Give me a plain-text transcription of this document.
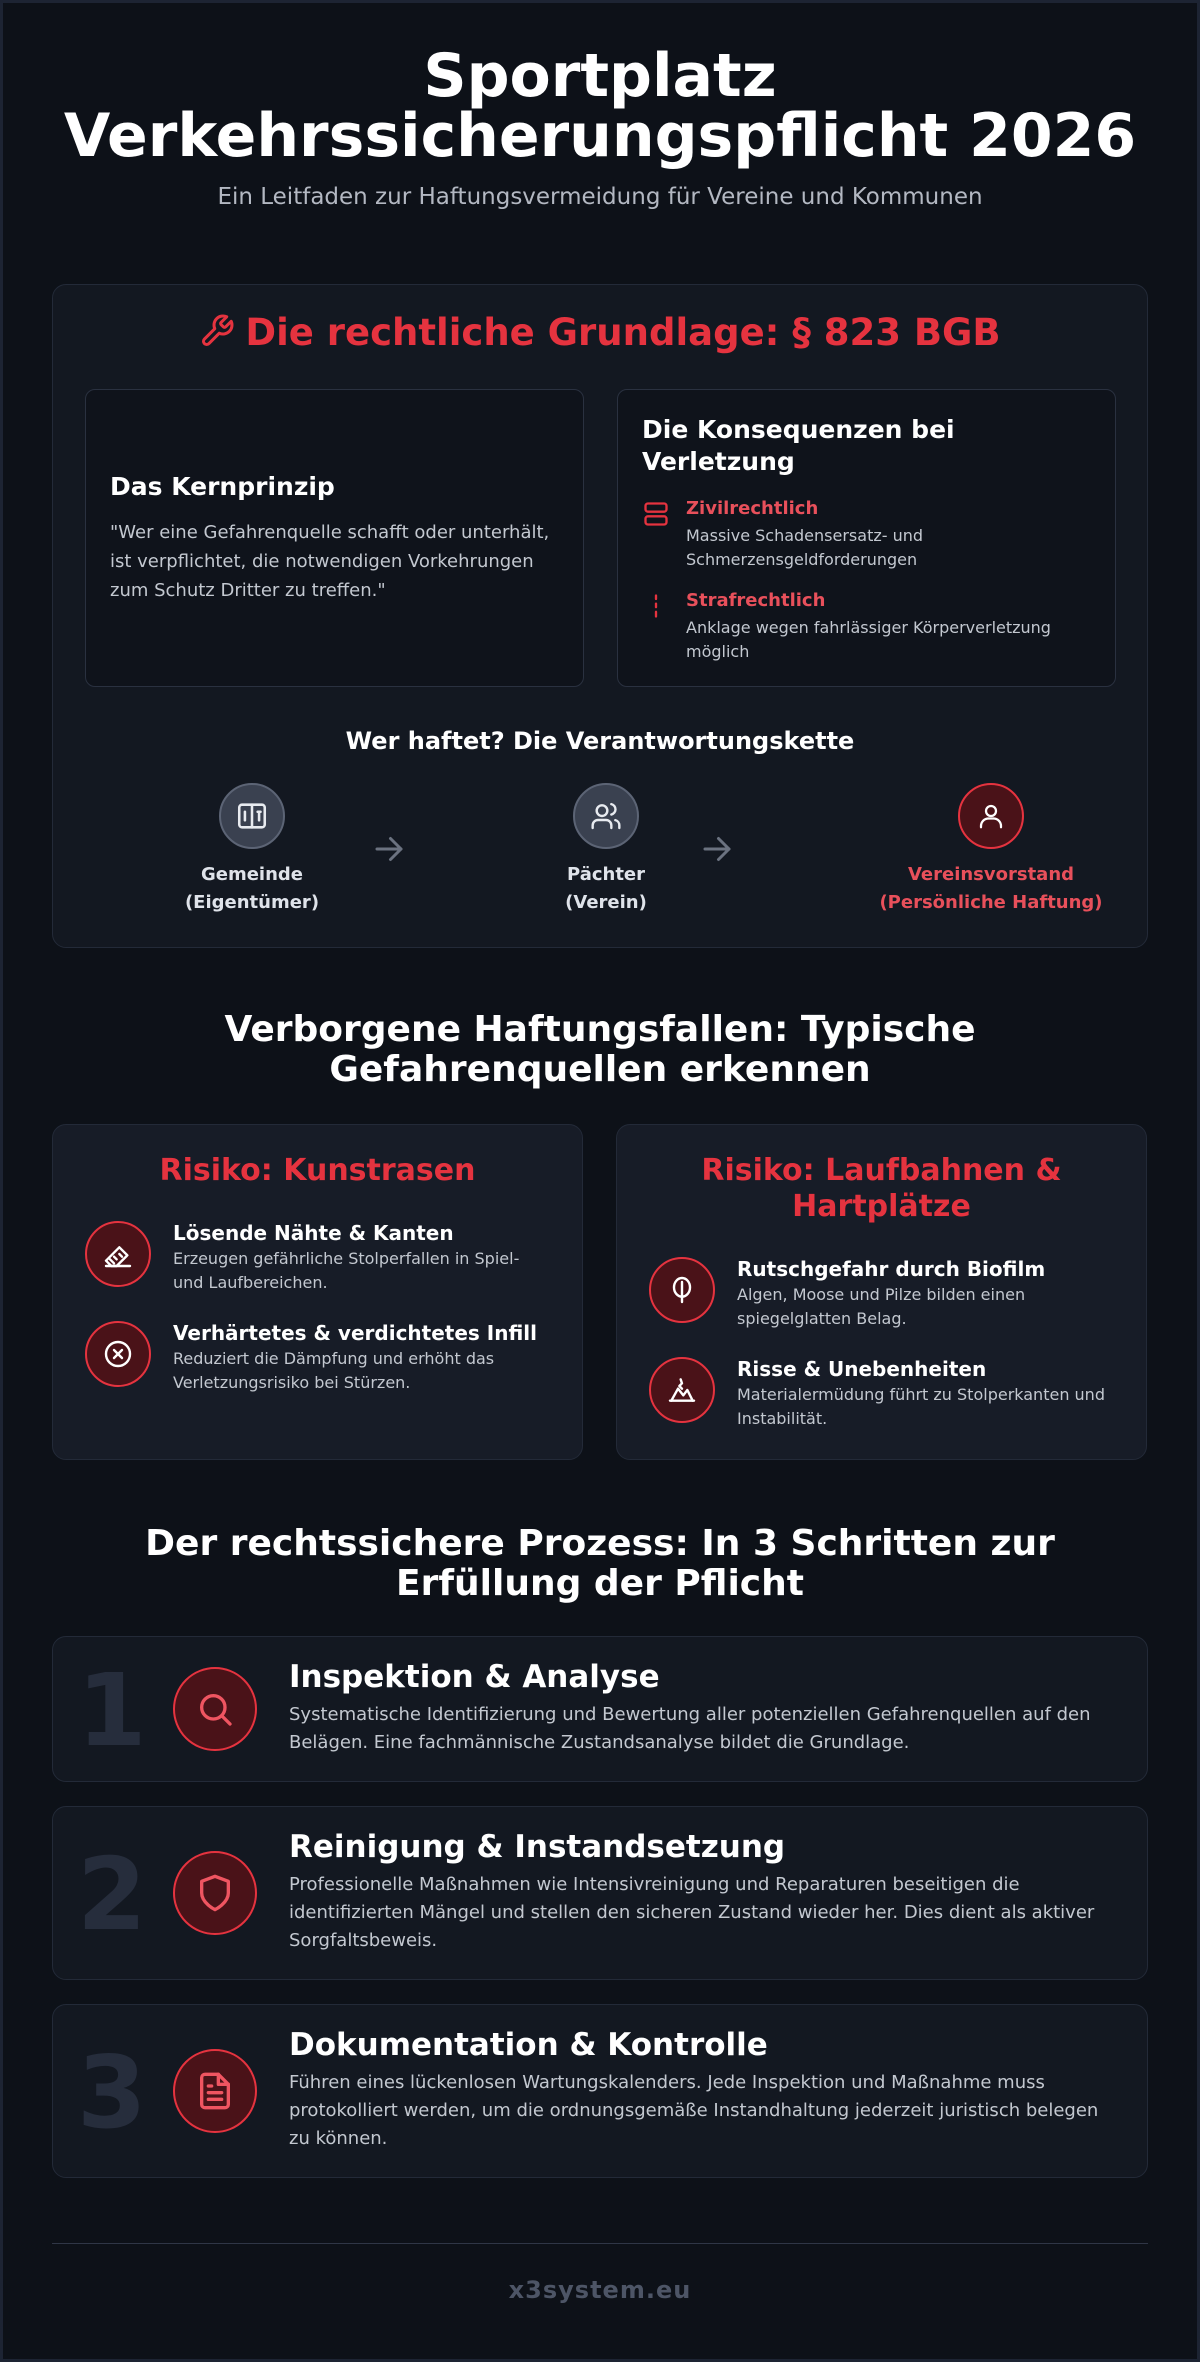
Sportplatz
Verkehrssicherungspflicht 2026
Ein Leitfaden zur Haftungsvermeidung für Vereine und Kommunen
Die rechtliche Grundlage: § 823 BGB
Das Kernprinzip

"Wer eine Gefahrenquelle schafft oder unterhält, ist verpflichtet, die notwendigen Vorkehrungen zum Schutz Dritter zu treffen."

Die Konsequenzen bei Verletzung
Zivilrechtlich
Massive Schadensersatz- und Schmerzensgeldforderungen
Strafrechtlich
Anklage wegen fahrlässiger Körperverletzung möglich
Wer haftet? Die Verantwortungskette
Gemeinde
(Eigentümer)
Pächter
(Verein)
Vereinsvorstand
(Persönliche Haftung)
Verborgene Haftungsfallen: Typische
Gefahrenquellen erkennen
Risiko: Kunstrasen
Lösende Nähte & Kanten
Erzeugen gefährliche Stolperfallen in Spiel- und Laufbereichen.
Verhärtetes & verdichtetes Infill
Reduziert die Dämpfung und erhöht das Verletzungsrisiko bei Stürzen.
Risiko: Laufbahnen &
Hartplätze
Rutschgefahr durch Biofilm
Algen, Moose und Pilze bilden einen spiegelglatten Belag.
Risse & Unebenheiten
Materialermüdung führt zu Stolperkanten und Instabilität.
Der rechtssichere Prozess: In 3 Schritten zur
Erfüllung der Pflicht
1	Inspektion & Analyse
Systematische Identifizierung und Bewertung aller potenziellen Gefahrenquellen auf den Belägen. Eine fachmännische Zustandsanalyse bildet die Grundlage.
2	Reinigung & Instandsetzung
Professionelle Maßnahmen wie Intensivreinigung und Reparaturen beseitigen die identifizierten Mängel und stellen den sicheren Zustand wieder her. Dies dient als aktiver Sorgfaltsbeweis.
3	Dokumentation & Kontrolle
Führen eines lückenlosen Wartungskalenders. Jede Inspektion und Maßnahme muss protokolliert werden, um die ordnungsgemäße Instandhaltung jederzeit juristisch belegen zu können.
x3system.eu
